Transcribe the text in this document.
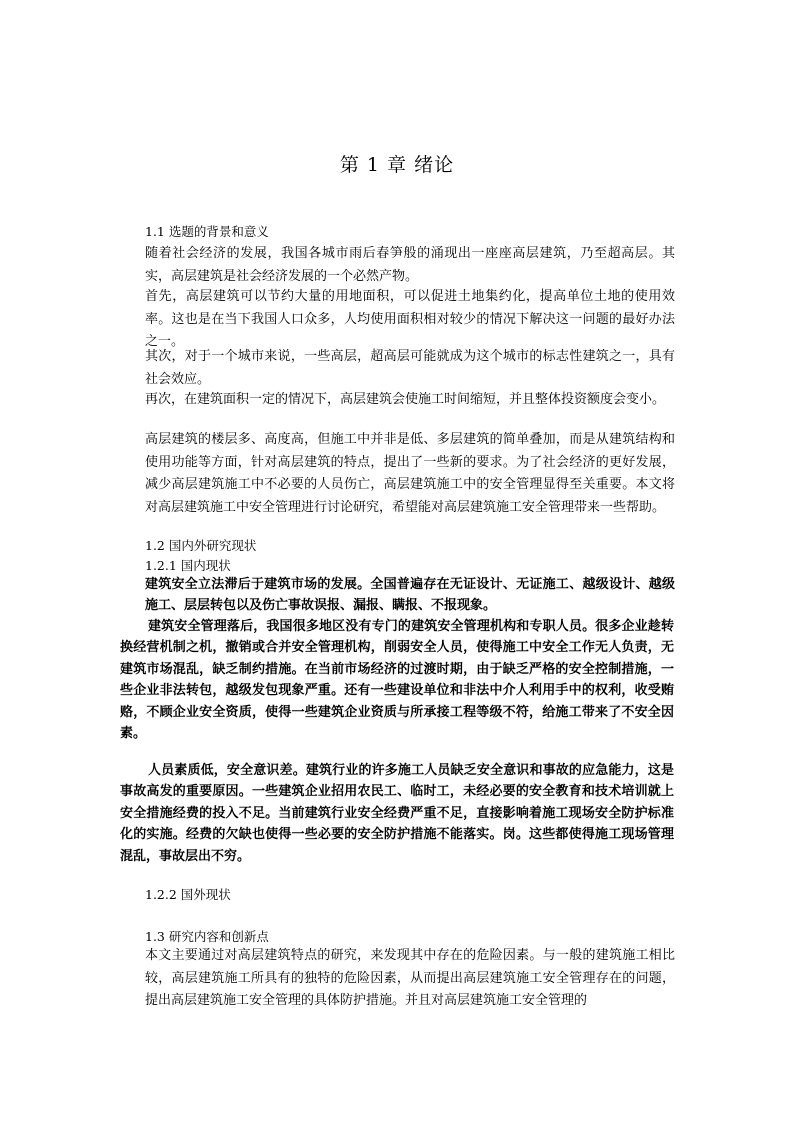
第 1 章 绪论
1.1 选题的背景和意义

随着社会经济的发展，我国各城市雨后春笋般的涌现出一座座高层建筑，乃至超高层。其实，高层建筑是社会经济发展的一个必然产物。

首先，高层建筑可以节约大量的用地面积，可以促进土地集约化，提高单位土地的使用效率。这也是在当下我国人口众多，人均使用面积相对较少的情况下解决这一问题的最好办法之一。

其次，对于一个城市来说，一些高层，超高层可能就成为这个城市的标志性建筑之一，具有社会效应。

再次，在建筑面积一定的情况下，高层建筑会使施工时间缩短，并且整体投资额度会变小。

高层建筑的楼层多、高度高，但施工中并非是低、多层建筑的简单叠加，而是从建筑结构和使用功能等方面，针对高层建筑的特点，提出了一些新的要求。为了社会经济的更好发展，减少高层建筑施工中不必要的人员伤亡，高层建筑施工中的安全管理显得至关重要。本文将对高层建筑施工中安全管理进行讨论研究，希望能对高层建筑施工安全管理带来一些帮助。

1.2 国内外研究现状
1.2.1 国内现状

建筑安全立法滞后于建筑市场的发展。全国普遍存在无证设计、无证施工、越级设计、越级施工、层层转包以及伤亡事故误报、漏报、瞒报、不报现象。

建筑安全管理落后，我国很多地区没有专门的建筑安全管理机构和专职人员。很多企业趁转换经营机制之机，撤销或合并安全管理机构，削弱安全人员，使得施工中安全工作无人负责，无建筑市场混乱，缺乏制约措施。在当前市场经济的过渡时期，由于缺乏严格的安全控制措施，一些企业非法转包，越级发包现象严重。还有一些建设单位和非法中介人利用手中的权利，收受贿赂，不顾企业安全资质，使得一些建筑企业资质与所承接工程等级不符，给施工带来了不安全因素。

人员素质低，安全意识差。建筑行业的许多施工人员缺乏安全意识和事故的应急能力，这是事故高发的重要原因。一些建筑企业招用农民工、临时工，未经必要的安全教育和技术培训就上安全措施经费的投入不足。当前建筑行业安全经费严重不足，直接影响着施工现场安全防护标准化的实施。经费的欠缺也使得一些必要的安全防护措施不能落实。岗。这些都使得施工现场管理混乱，事故层出不穷。

1.2.2 国外现状
1.3 研究内容和创新点

本文主要通过对高层建筑特点的研究，来发现其中存在的危险因素。与一般的建筑施工相比较，高层建筑施工所具有的独特的危险因素，从而提出高层建筑施工安全管理存在的问题，提出高层建筑施工安全管理的具体防护措施。并且对高层建筑施工安全管理的
